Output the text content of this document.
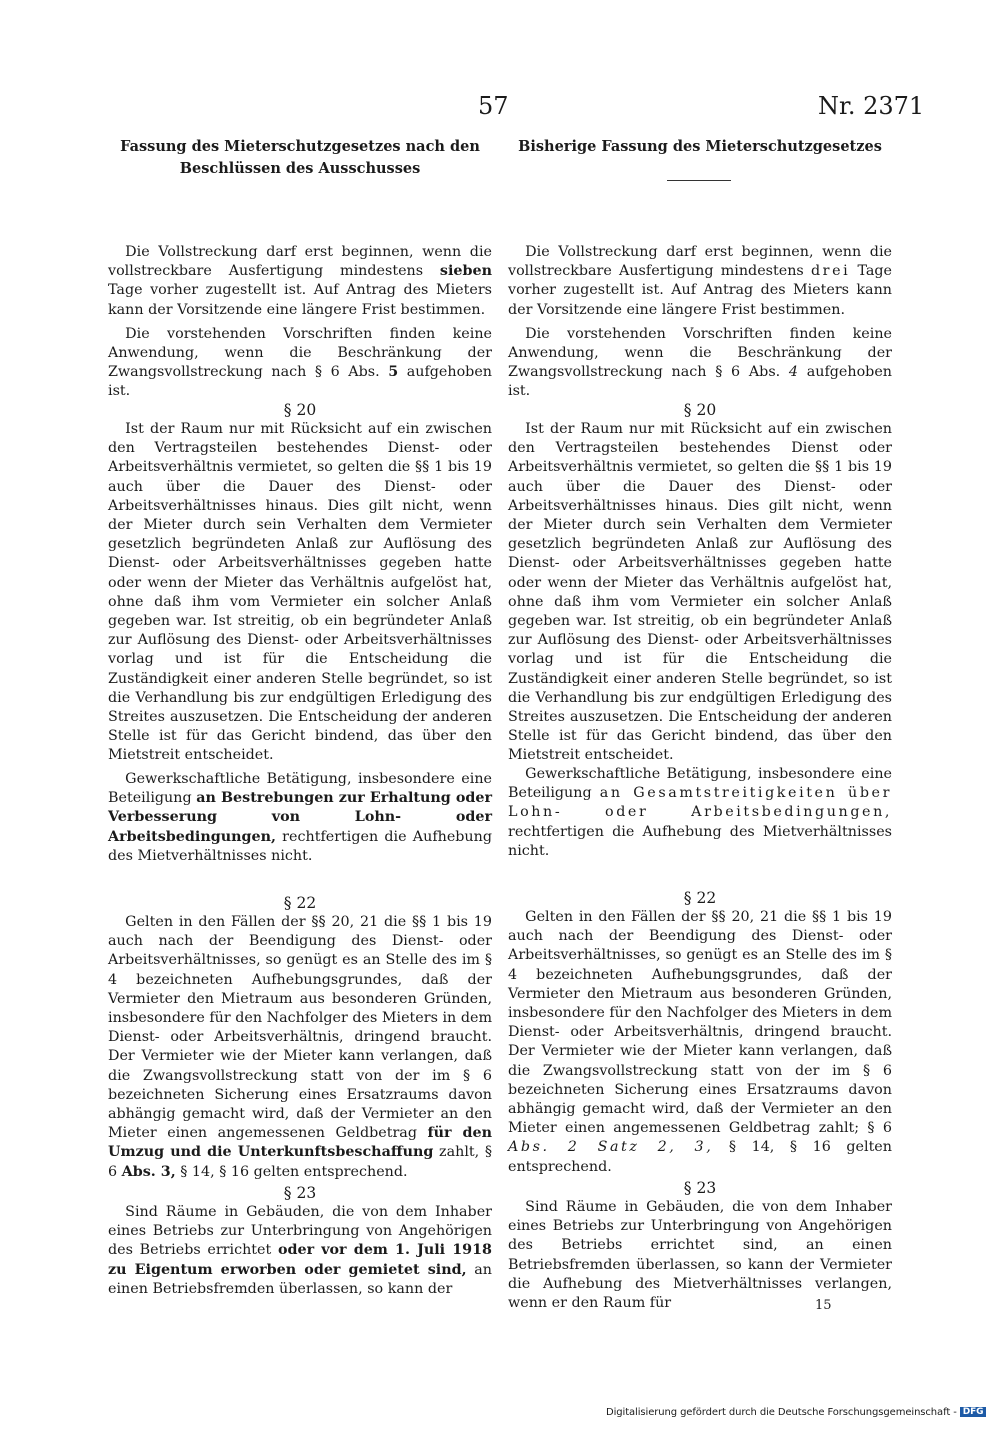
57	Nr. 2371
Fassung des Mieterschutzgesetzes nach den Beschlüssen des Ausschusses
Bisherige Fassung des Mieterschutzgesetzes

Die Vollstreckung darf erst beginnen, wenn die vollstreckbare Ausfertigung mindestens sieben Tage vorher zugestellt ist. Auf Antrag des Mieters kann der Vorsitzende eine längere Frist bestimmen.

Die vorstehenden Vorschriften finden keine Anwendung, wenn die Beschränkung der Zwangsvollstreckung nach § 6 Abs. 5 aufgehoben ist.

§ 20

Ist der Raum nur mit Rücksicht auf ein zwischen den Vertragsteilen bestehendes Dienst- oder Arbeitsverhältnis vermietet, so gelten die §§ 1 bis 19 auch über die Dauer des Dienst- oder Arbeitsverhältnisses hinaus. Dies gilt nicht, wenn der Mieter durch sein Verhalten dem Vermieter gesetzlich begründeten Anlaß zur Auflösung des Dienst- oder Arbeitsverhältnisses gegeben hatte oder wenn der Mieter das Verhältnis aufgelöst hat, ohne daß ihm vom Vermieter ein solcher Anlaß gegeben war. Ist streitig, ob ein begründeter Anlaß zur Auflösung des Dienst- oder Arbeitsverhältnisses vorlag und ist für die Entscheidung die Zuständigkeit einer anderen Stelle begründet, so ist die Verhandlung bis zur endgültigen Erledigung des Streites auszusetzen. Die Entscheidung der anderen Stelle ist für das Gericht bindend, das über den Mietstreit entscheidet.

Gewerkschaftliche Betätigung, insbesondere eine Beteiligung an Bestrebungen zur Erhaltung oder Verbesserung von Lohn- oder Arbeitsbedingungen, rechtfertigen die Aufhebung des Mietverhältnisses nicht.

§ 22

Gelten in den Fällen der §§ 20, 21 die §§ 1 bis 19 auch nach der Beendigung des Dienst- oder Arbeitsverhältnisses, so genügt es an Stelle des im § 4 bezeichneten Aufhebungsgrundes, daß der Vermieter den Mietraum aus besonderen Gründen, insbesondere für den Nachfolger des Mieters in dem Dienst- oder Arbeitsverhältnis, dringend braucht. Der Vermieter wie der Mieter kann verlangen, daß die Zwangsvollstreckung statt von der im § 6 bezeichneten Sicherung eines Ersatzraums davon abhängig gemacht wird, daß der Vermieter an den Mieter einen angemessenen Geldbetrag für den Umzug und die Unterkunftsbeschaffung zahlt, § 6 Abs. 3, § 14, § 16 gelten entsprechend.

§ 23

Sind Räume in Gebäuden, die von dem Inhaber eines Betriebs zur Unterbringung von Angehörigen des Betriebs errichtet oder vor dem 1. Juli 1918 zu Eigentum erworben oder gemietet sind, an einen Betriebsfremden überlassen, so kann der

Die Vollstreckung darf erst beginnen, wenn die vollstreckbare Ausfertigung mindestens drei Tage vorher zugestellt ist. Auf Antrag des Mieters kann der Vorsitzende eine längere Frist bestimmen.

Die vorstehenden Vorschriften finden keine Anwendung, wenn die Beschränkung der Zwangsvollstreckung nach § 6 Abs. 4 aufgehoben ist.

§ 20

Ist der Raum nur mit Rücksicht auf ein zwischen den Vertragsteilen bestehendes Dienst oder Arbeitsverhältnis vermietet, so gelten die §§ 1 bis 19 auch über die Dauer des Dienst- oder Arbeitsverhältnisses hinaus. Dies gilt nicht, wenn der Mieter durch sein Verhalten dem Vermieter gesetzlich begründeten Anlaß zur Auflösung des Dienst- oder Arbeitsverhältnisses gegeben hatte oder wenn der Mieter das Verhältnis aufgelöst hat, ohne daß ihm vom Vermieter ein solcher Anlaß gegeben war. Ist streitig, ob ein begründeter Anlaß zur Auflösung des Dienst- oder Arbeitsverhältnisses vorlag und ist für die Entscheidung die Zuständigkeit einer anderen Stelle begründet, so ist die Verhandlung bis zur endgültigen Erledigung des Streites auszusetzen. Die Entscheidung der anderen Stelle ist für das Gericht bindend, das über den Mietstreit entscheidet.

Gewerkschaftliche Betätigung, insbesondere eine Beteiligung an Gesamtstreitigkeiten über Lohn- oder Arbeitsbedingungen, rechtfertigen die Aufhebung des Mietverhältnisses nicht.

§ 22

Gelten in den Fällen der §§ 20, 21 die §§ 1 bis 19 auch nach der Beendigung des Dienst- oder Arbeitsverhältnisses, so genügt es an Stelle des im § 4 bezeichneten Aufhebungsgrundes, daß der Vermieter den Mietraum aus besonderen Gründen, insbesondere für den Nachfolger des Mieters in dem Dienst- oder Arbeitsverhältnis, dringend braucht. Der Vermieter wie der Mieter kann verlangen, daß die Zwangsvollstreckung statt von der im § 6 bezeichneten Sicherung eines Ersatzraums davon abhängig gemacht wird, daß der Vermieter an den Mieter einen angemessenen Geldbetrag zahlt; § 6 Abs. 2 Satz 2, 3, § 14, § 16 gelten entsprechend.

§ 23

Sind Räume in Gebäuden, die von dem Inhaber eines Betriebs zur Unterbringung von Angehörigen des Betriebs errichtet sind, an einen Betriebsfremden überlassen, so kann der Vermieter die Aufhebung des Mietverhältnisses verlangen, wenn er den Raum für	15
Digitalisierung gefördert durch die Deutsche Forschungsgemeinschaft - DFG
